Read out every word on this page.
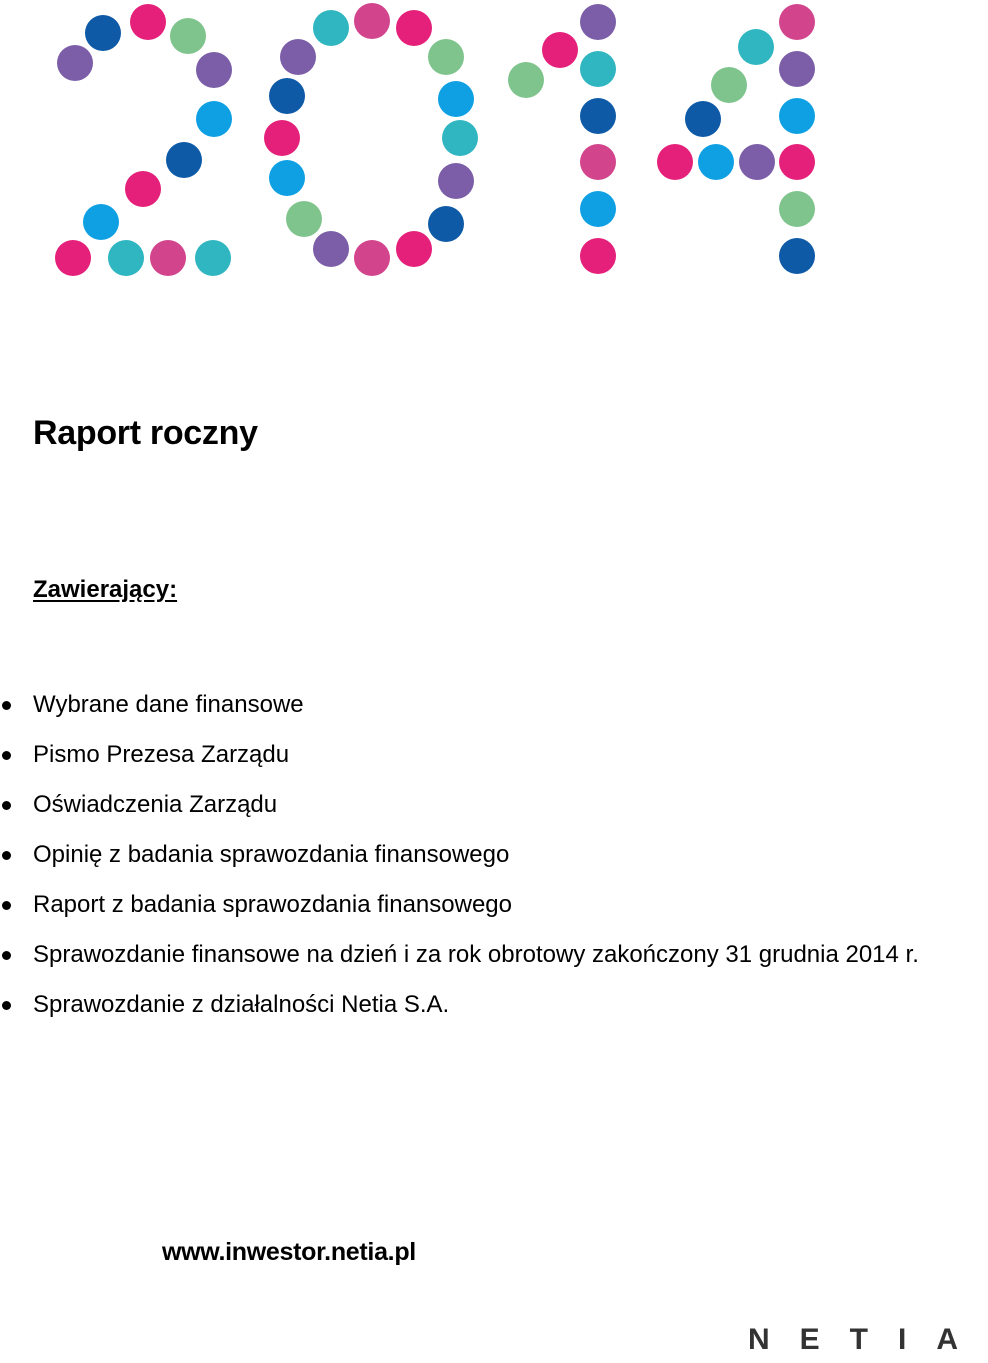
Raport roczny
Zawierający:
Wybrane dane finansowe
Pismo Prezesa Zarządu
Oświadczenia Zarządu
Opinię z badania sprawozdania finansowego
Raport z badania sprawozdania finansowego
Sprawozdanie finansowe na dzień i za rok obrotowy zakończony 31 grudnia 2014 r.
Sprawozdanie z działalności Netia S.A.

www.inwestor.netia.pl

NETIA
